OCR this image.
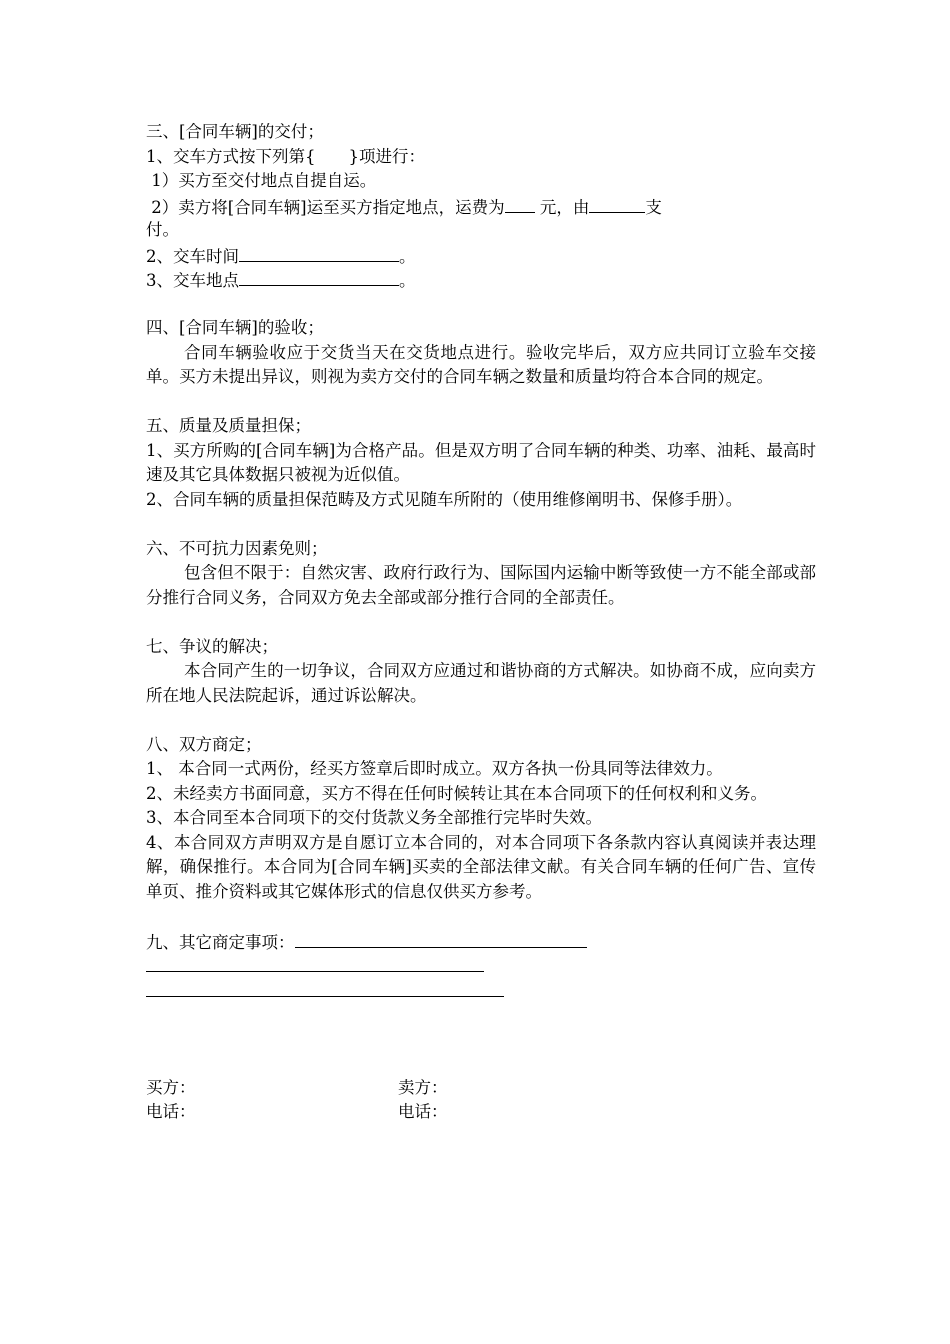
三、[合同车辆]的交付；
1、交车方式按下列第{　　}项进行：
1）买方至交付地点自提自运。
2）卖方将[合同车辆]运至买方指定地点，运费为 元，由	支
付。
2、交车时间	。
3、交车地点	。
四、[合同车辆]的验收；
合同车辆验收应于交货当天在交货地点进行。验收完毕后，双方应共同订立验车交接单。买方未提出异议，则视为卖方交付的合同车辆之数量和质量均符合本合同的规定。
五、质量及质量担保；
1、买方所购的[合同车辆]为合格产品。但是双方明了合同车辆的种类、功率、油耗、最高时速及其它具体数据只被视为近似值。
2、合同车辆的质量担保范畴及方式见随车所附的（使用维修阐明书、保修手册）。
六、不可抗力因素免则；
包含但不限于：自然灾害、政府行政行为、国际国内运输中断等致使一方不能全部或部分推行合同义务，合同双方免去全部或部分推行合同的全部责任。
七、争议的解决；
本合同产生的一切争议，合同双方应通过和谐协商的方式解决。如协商不成，应向卖方所在地人民法院起诉，通过诉讼解决。
八、双方商定；
1、 本合同一式两份，经买方签章后即时成立。双方各执一份具同等法律效力。
2、未经卖方书面同意，买方不得在任何时候转让其在本合同项下的任何权利和义务。
3、本合同至本合同项下的交付货款义务全部推行完毕时失效。
4、本合同双方声明双方是自愿订立本合同的，对本合同项下各条款内容认真阅读并表达理解，确保推行。本合同为[合同车辆]买卖的全部法律文献。有关合同车辆的任何广告、宣传单页、推介资料或其它媒体形式的信息仅供买方参考。
九、其它商定事项：
买方：	卖方：
电话：	电话：
